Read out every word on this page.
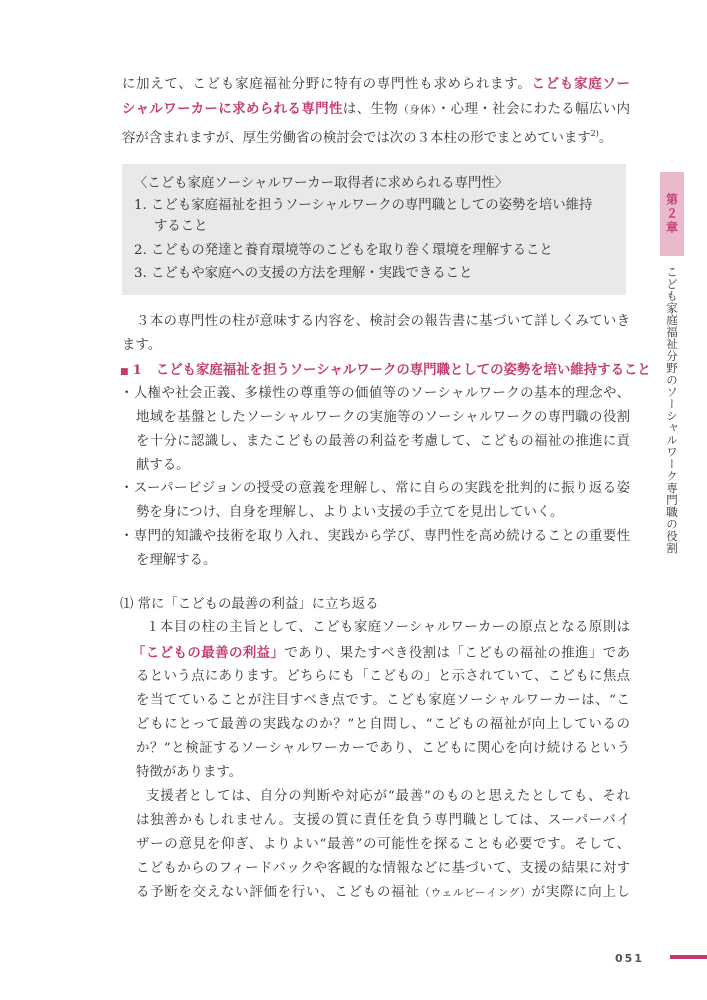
に加えて、こども家庭福祉分野に特有の専門性も求められます。こども家庭ソー
シャルワーカーに求められる専門性は、生物（身体）・心理・社会にわたる幅広い内
容が含まれますが、厚生労働省の検討会では次の３本柱の形でまとめています$^{2)}$。
〈こども家庭ソーシャルワーカー取得者に求められる専門性〉
1. こども家庭福祉を担うソーシャルワークの専門職としての姿勢を培い維持
すること
2. こどもの発達と養育環境等のこどもを取り巻く環境を理解すること
3. こどもや家庭への支援の方法を理解・実践できること
３本の専門性の柱が意味する内容を、検討会の報告書に基づいて詳しくみていき
ます。
■ 1 こども家庭福祉を担うソーシャルワークの専門職としての姿勢を培い維持すること
・人権や社会正義、多様性の尊重等の価値等のソーシャルワークの基本的理念や、
地域を基盤としたソーシャルワークの実施等のソーシャルワークの専門職の役割
を十分に認識し、またこどもの最善の利益を考慮して、こどもの福祉の推進に貢
献する。
・スーパービジョンの授受の意義を理解し、常に自らの実践を批判的に振り返る姿
勢を身につけ、自身を理解し、よりよい支援の手立てを見出していく。
・専門的知識や技術を取り入れ、実践から学び、専門性を高め続けることの重要性
を理解する。
⑴ 常に「こどもの最善の利益」に立ち返る
１本目の柱の主旨として、こども家庭ソーシャルワーカーの原点となる原則は
「こどもの最善の利益」であり、果たすべき役割は「こどもの福祉の推進」であ
るという点にあります。どちらにも「こどもの」と示されていて、こどもに焦点
を当てていることが注目すべき点です。こども家庭ソーシャルワーカーは、“こ
どもにとって最善の実践なのか？”と自問し、“こどもの福祉が向上しているの
か？”と検証するソーシャルワーカーであり、こどもに関心を向け続けるという
特徴があります。
支援者としては、自分の判断や対応が“最善”のものと思えたとしても、それ
は独善かもしれません。支援の質に責任を負う専門職としては、スーパーバイ
ザーの意見を仰ぎ、よりよい“最善”の可能性を探ることも必要です。そして、
こどもからのフィードバックや客観的な情報などに基づいて、支援の結果に対す
る予断を交えない評価を行い、こどもの福祉（ウェルビーイング）が実際に向上し
第２章
こども家庭福祉分野のソーシャルワーク専門職の役割
051
